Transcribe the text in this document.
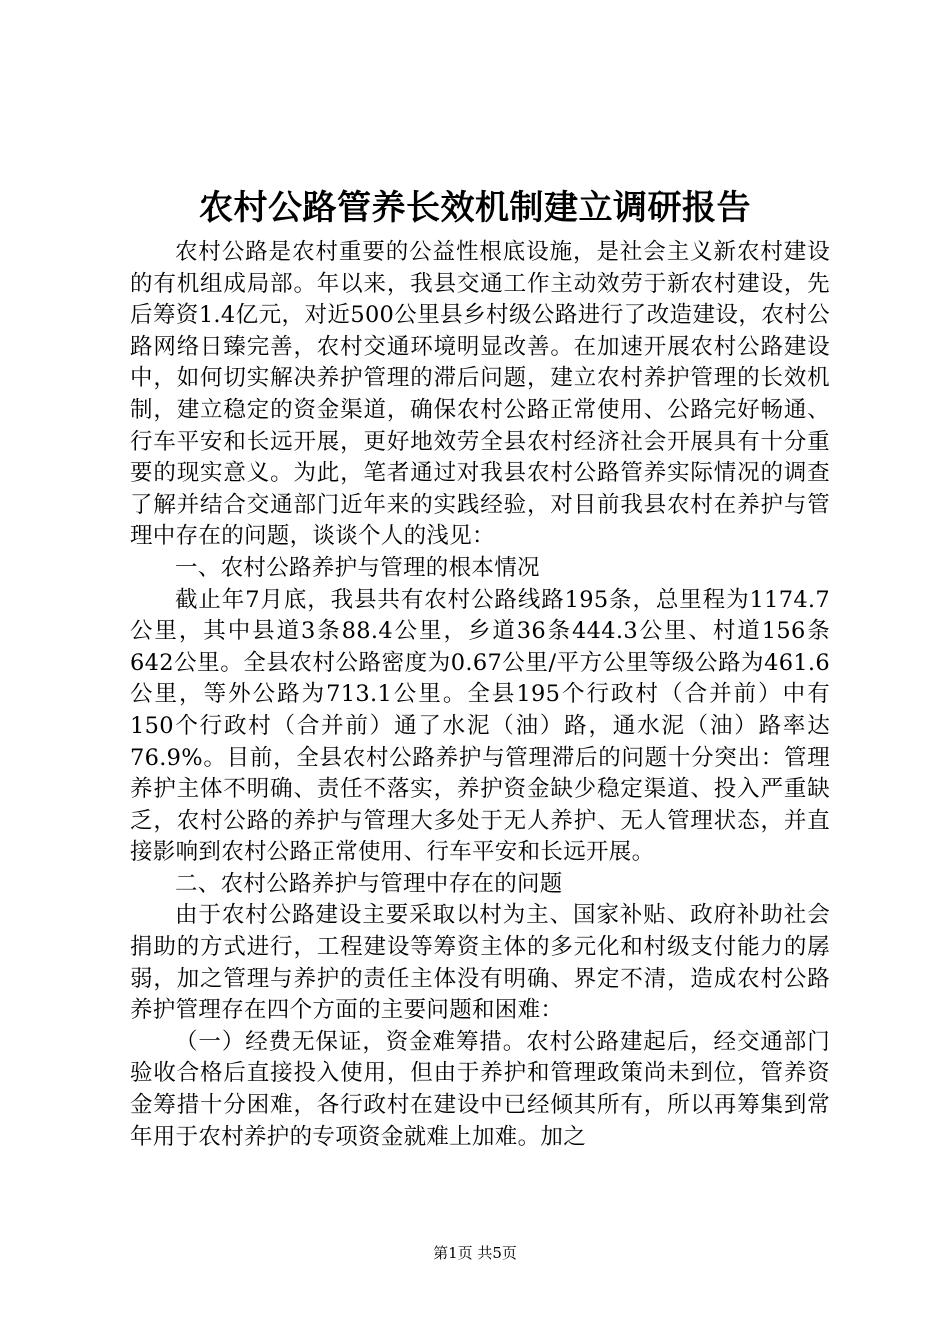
农村公路管养长效机制建立调研报告

农村公路是农村重要的公益性根底设施，是社会主义新农村建设的有机组成局部。年以来，我县交通工作主动效劳于新农村建设，先后筹资1.4亿元，对近500公里县乡村级公路进行了改造建设，农村公路网络日臻完善，农村交通环境明显改善。在加速开展农村公路建设中，如何切实解决养护管理的滞后问题，建立农村养护管理的长效机制，建立稳定的资金渠道，确保农村公路正常使用、公路完好畅通、行车平安和长远开展，更好地效劳全县农村经济社会开展具有十分重要的现实意义。为此，笔者通过对我县农村公路管养实际情况的调查了解并结合交通部门近年来的实践经验，对目前我县农村在养护与管理中存在的问题，谈谈个人的浅见：

一、农村公路养护与管理的根本情况

截止年7月底，我县共有农村公路线路195条，总里程为1174.7公里，其中县道3条88.4公里，乡道36条444.3公里、村道156条642公里。全县农村公路密度为0.67公里/平方公里等级公路为461.6公里，等外公路为713.1公里。全县195个行政村（合并前）中有150个行政村（合并前）通了水泥（油）路，通水泥（油）路率达76.9%。目前，全县农村公路养护与管理滞后的问题十分突出：管理养护主体不明确、责任不落实，养护资金缺少稳定渠道、投入严重缺乏，农村公路的养护与管理大多处于无人养护、无人管理状态，并直接影响到农村公路正常使用、行车平安和长远开展。

二、农村公路养护与管理中存在的问题

由于农村公路建设主要采取以村为主、国家补贴、政府补助社会捐助的方式进行，工程建设等筹资主体的多元化和村级支付能力的孱弱，加之管理与养护的责任主体没有明确、界定不清，造成农村公路养护管理存在四个方面的主要问题和困难：

（一）经费无保证，资金难筹措。农村公路建起后，经交通部门验收合格后直接投入使用，但由于养护和管理政策尚未到位，管养资金筹措十分困难，各行政村在建设中已经倾其所有，所以再筹集到常年用于农村养护的专项资金就难上加难。加之

第1页 共5页
